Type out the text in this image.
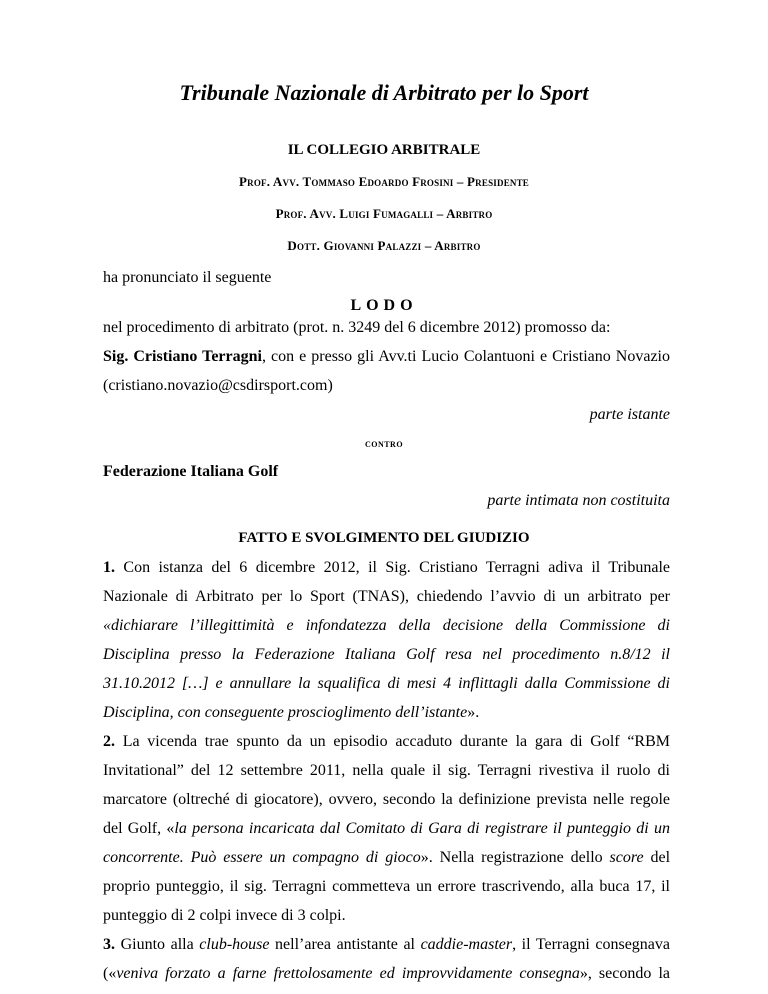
Tribunale Nazionale di Arbitrato per lo Sport
IL COLLEGIO ARBITRALE
Prof. Avv. Tommaso Edoardo Frosini – Presidente
Prof. Avv. Luigi Fumagalli – Arbitro
Dott. Giovanni Palazzi – Arbitro
ha pronunciato il seguente
LODO
nel procedimento di arbitrato (prot. n. 3249 del 6 dicembre 2012) promosso da:
Sig. Cristiano Terragni, con e presso gli Avv.ti Lucio Colantuoni e Cristiano Novazio
(cristiano.novazio@csdirsport.com)
parte istante
contro
Federazione Italiana Golf
parte intimata non costituita
FATTO E SVOLGIMENTO DEL GIUDIZIO
1. Con istanza del 6 dicembre 2012, il Sig. Cristiano Terragni adiva il Tribunale
Nazionale di Arbitrato per lo Sport (TNAS), chiedendo l’avvio di un arbitrato per
«dichiarare l’illegittimità e infondatezza della decisione della Commissione di
Disciplina presso la Federazione Italiana Golf resa nel procedimento n.8/12 il
31.10.2012 […] e annullare la squalifica di mesi 4 inflittagli dalla Commissione di
Disciplina, con conseguente proscioglimento dell’istante».
2. La vicenda trae spunto da un episodio accaduto durante la gara di Golf “RBM
Invitational” del 12 settembre 2011, nella quale il sig. Terragni rivestiva il ruolo di
marcatore (oltreché di giocatore), ovvero, secondo la definizione prevista nelle regole
del Golf, «la persona incaricata dal Comitato di Gara di registrare il punteggio di un
concorrente. Può essere un compagno di gioco». Nella registrazione dello score del
proprio punteggio, il sig. Terragni commetteva un errore trascrivendo, alla buca 17, il
punteggio di 2 colpi invece di 3 colpi.
3. Giunto alla club-house nell’area antistante al caddie-master, il Terragni consegnava
(«veniva forzato a farne frettolosamente ed improvvidamente consegna», secondo la
